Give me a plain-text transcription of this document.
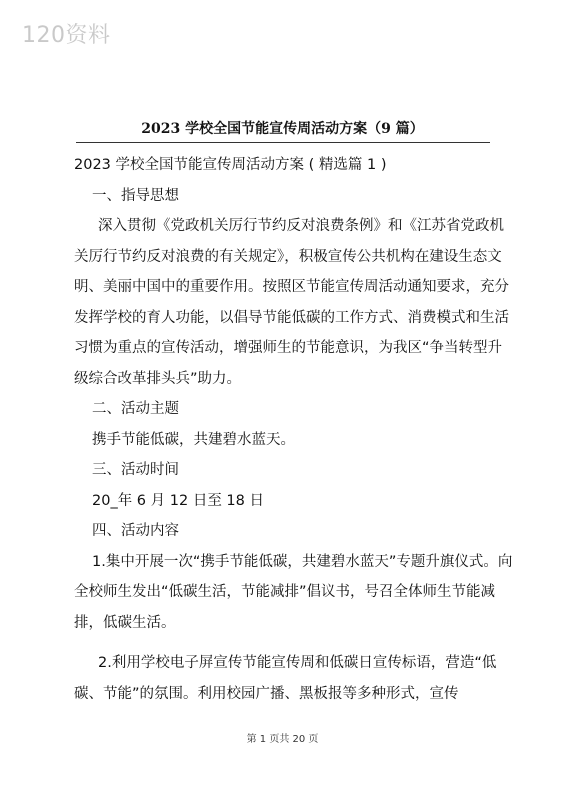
120资料
2023 学校全国节能宣传周活动方案（9 篇）

2023 学校全国节能宣传周活动方案 ( 精选篇 1 )

一、指导思想

深入贯彻《党政机关厉行节约反对浪费条例》和《江苏省党政机关厉行节约反对浪费的有关规定》，积极宣传公共机构在建设生态文明、美丽中国中的重要作用。按照区节能宣传周活动通知要求，充分发挥学校的育人功能，以倡导节能低碳的工作方式、消费模式和生活习惯为重点的宣传活动，增强师生的节能意识，为我区“争当转型升级综合改革排头兵”助力。

二、活动主题

携手节能低碳，共建碧水蓝天。

三、活动时间

20_年 6 月 12 日至 18 日

四、活动内容

1.集中开展一次“携手节能低碳，共建碧水蓝天”专题升旗仪式。向全校师生发出“低碳生活，节能减排”倡议书，号召全体师生节能减排，低碳生活。

2.利用学校电子屏宣传节能宣传周和低碳日宣传标语，营造“低碳、节能”的氛围。利用校园广播、黑板报等多种形式，宣传

第 1 页共 20 页
